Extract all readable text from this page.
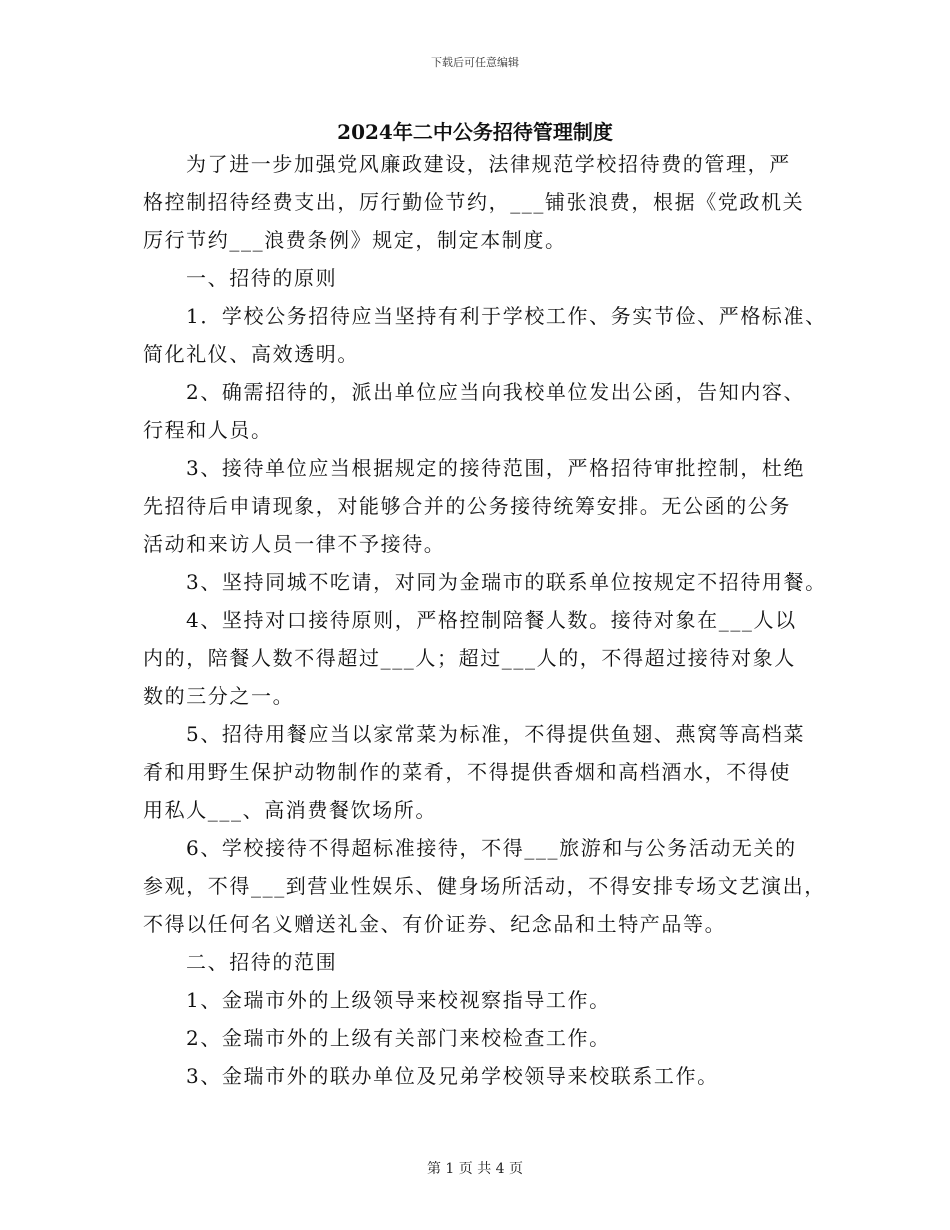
下载后可任意编辑
2024年二中公务招待管理制度
为了进一步加强党风廉政建设，法律规范学校招待费的管理，严
格控制招待经费支出，厉行勤俭节约，___铺张浪费，根据《党政机关
厉行节约___浪费条例》规定，制定本制度。
一、招待的原则
1．学校公务招待应当坚持有利于学校工作、务实节俭、严格标准、
简化礼仪、高效透明。
2、确需招待的，派出单位应当向我校单位发出公函，告知内容、
行程和人员。
3、接待单位应当根据规定的接待范围，严格招待审批控制，杜绝
先招待后申请现象，对能够合并的公务接待统筹安排。无公函的公务
活动和来访人员一律不予接待。
3、坚持同城不吃请，对同为金瑞市的联系单位按规定不招待用餐。
4、坚持对口接待原则，严格控制陪餐人数。接待对象在___人以
内的，陪餐人数不得超过___人；超过___人的，不得超过接待对象人
数的三分之一。
5、招待用餐应当以家常菜为标准，不得提供鱼翅、燕窝等高档菜
肴和用野生保护动物制作的菜肴，不得提供香烟和高档酒水，不得使
用私人___、高消费餐饮场所。
6、学校接待不得超标准接待，不得___旅游和与公务活动无关的
参观，不得___到营业性娱乐、健身场所活动，不得安排专场文艺演出，
不得以任何名义赠送礼金、有价证券、纪念品和土特产品等。
二、招待的范围
1、金瑞市外的上级领导来校视察指导工作。
2、金瑞市外的上级有关部门来校检查工作。
3、金瑞市外的联办单位及兄弟学校领导来校联系工作。
第 1 页 共 4 页
